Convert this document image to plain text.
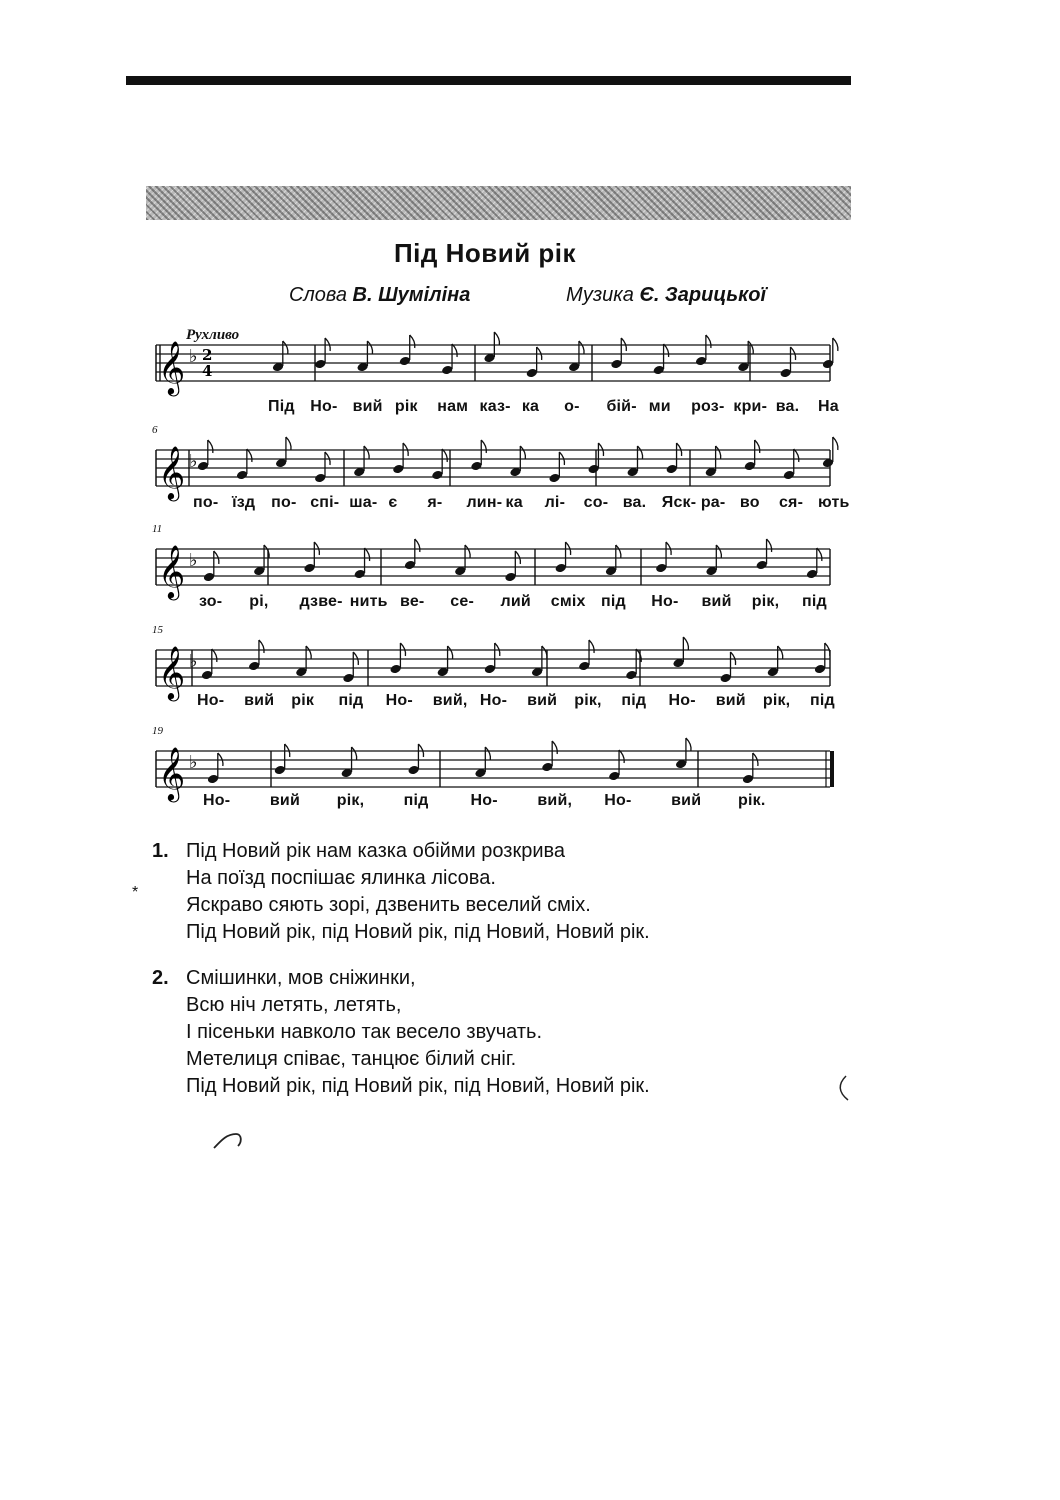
Під Новий рік
Слова В. Шуміліна	Музика Є. Зарицької
Рухливо
𝄞 ♭ 2
4
Під Но- вий рік нам каз- ка о- бій- ми роз- кри- ва. На
𝄞 ♭
6
по- їзд по- спі- ша- є я- лин- ка лі- со- ва. Яск- ра- во ся- ють
𝄞 ♭
11
зо- рі, дзве- нить ве- се- лий сміх під Но- вий рік, під
𝄞 ♭
15
Но- вий рік під Но- вий, Но- вий рік, під Но- вий рік, під
𝄞 ♭
19
Но- вий рік, під	Но- вий, Но- вий рік.
1. Під Новий рік нам казка обійми розкрива
На поїзд поспішає ялинка лісова.
Яскраво сяють зорі, дзвенить веселий сміх.
Під Новий рік, під Новий рік, під Новий, Новий рік.
2. Смішинки, мов сніжинки,
Всю ніч летять, летять,
І пісеньки навколо так весело звучать.
Метелиця співає, танцює білий сніг.
Під Новий рік, під Новий рік, під Новий, Новий рік.
*
